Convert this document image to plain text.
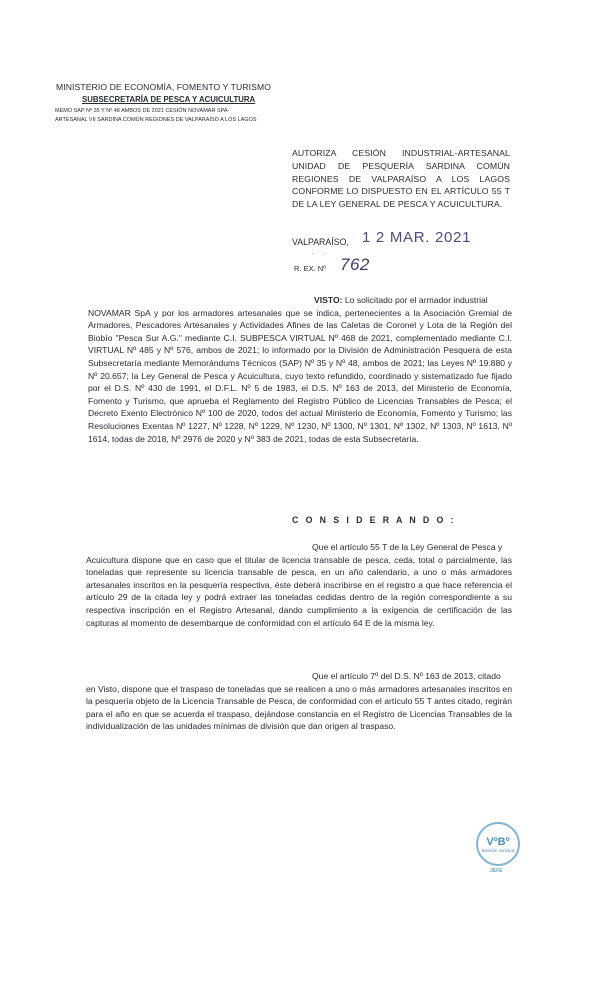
MINISTERIO DE ECONOMÍA, FOMENTO Y TURISMO
SUBSECRETARÍA DE PESCA Y ACUICULTURA
MEMO SAP Nº 35 Y Nº 48 AMBOS DE 2021 CESIÓN NOVAMAR SPA-
ARTESANAL VII SARDINA COMÚN REGIONES DE VALPARAÍSO A LOS LAGOS
AUTORIZA CESIÓN INDUSTRIAL-ARTESANAL UNIDAD DE PESQUERÍA SARDINA COMÚN REGIONES DE VALPARAÍSO A LOS LAGOS CONFORME LO DISPUESTO EN EL ARTÍCULO 55 T DE LA LEY GENERAL DE PESCA Y ACUICULTURA.
VALPARAÍSO, 1 2 MAR. 2021
. .
R. EX. Nº 762
VISTO: Lo solicitado por el armador industrial
NOVAMAR SpA y por los armadores artesanales que se indica, pertenecientes a la Asociación Gremial de Armadores, Pescadores Artesanales y Actividades Afines de las Caletas de Coronel y Lota de la Región del Biobío "Pesca Sur A.G." mediante C.I. SUBPESCA VIRTUAL Nº 468 de 2021, complementado mediante C.I. VIRTUAL Nº 485 y Nº 576, ambos de 2021; lo informado por la División de Administración Pesquera de esta Subsecretaría mediante Memorándums Técnicos (SAP) Nº 35 y Nº 48, ambos de 2021; las Leyes Nº 19.880 y Nº 20.657; la Ley General de Pesca y Acuicultura, cuyo texto refundido, coordinado y sistematizado fue fijado por el D.S. Nº 430 de 1991, el D.F.L. Nº 5 de 1983, el D.S. Nº 163 de 2013, del Ministerio de Economía, Fomento y Turismo, que aprueba el Reglamento del Registro Público de Licencias Transables de Pesca; el Decreto Exento Electrónico Nº 100 de 2020, todos del actual Ministerio de Economía, Fomento y Turismo; las Resoluciones Exentas Nº 1227, Nº 1228, Nº 1229, Nº 1230, Nº 1300, Nº 1301, Nº 1302, Nº 1303, Nº 1613, Nº 1614, todas de 2018, Nº 2976 de 2020 y Nº 383 de 2021, todas de esta Subsecretaría.
C O N S I D E R A N D O :
Que el artículo 55 T de la Ley General de Pesca y
Acuicultura dispone que en caso que el titular de licencia transable de pesca, ceda, total o parcialmente, las toneladas que represente su licencia transable de pesca, en un año calendario, a uno o más armadores artesanales inscritos en la pesquería respectiva, éste deberá inscribirse en el registro a que hace referencia el artículo 29 de la citada ley y podrá extraer las toneladas cedidas dentro de la región correspondiente a su respectiva inscripción en el Registro Artesanal, dando cumplimiento a la exigencia de certificación de las capturas al momento de desembarque de conformidad con el artículo 64 E de la misma ley.
Que el artículo 7º del D.S. Nº 163 de 2013, citado
en Visto, dispone que el traspaso de toneladas que se realicen a uno o más armadores artesanales inscritos en la pesquería objeto de la Licencia Transable de Pesca, de conformidad con el artículo 55 T antes citado, regirán para el año en que se acuerda el traspaso, dejándose constancia en el Registro de Licencias Transables de la individualización de las unidades mínimas de división que dan origen al traspaso.
VºBº
División Jurídica
JEFE
